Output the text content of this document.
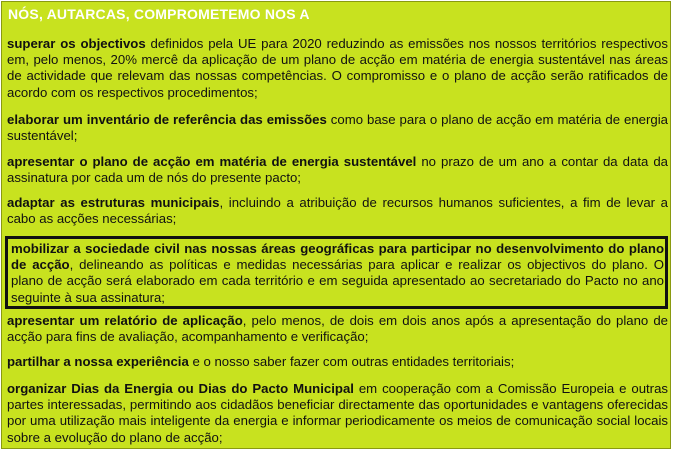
NÓS, AUTARCAS, COMPROMETEMO NOS A

superar os objectivos definidos pela UE para 2020 reduzindo as emissões nos nossos territórios respectivos em, pelo menos, 20% mercê da aplicação de um plano de acção em matéria de energia sustentável nas áreas de actividade que relevam das nossas competências. O compromisso e o plano de acção serão ratificados de acordo com os respectivos procedimentos;

elaborar um inventário de referência das emissões como base para o plano de acção em matéria de energia sustentável;

apresentar o plano de acção em matéria de energia sustentável no prazo de um ano a contar da data da assinatura por cada um de nós do presente pacto;

adaptar as estruturas municipais, incluindo a atribuição de recursos humanos suficientes, a fim de levar a cabo as acções necessárias;

mobilizar a sociedade civil nas nossas áreas geográficas para participar no desenvolvimento do plano de acção, delineando as políticas e medidas necessárias para aplicar e realizar os objectivos do plano. O plano de acção será elaborado em cada território e em seguida apresentado ao secretariado do Pacto no ano seguinte à sua assinatura;

apresentar um relatório de aplicação, pelo menos, de dois em dois anos após a apresentação do plano de acção para fins de avaliação, acompanhamento e verificação;

partilhar a nossa experiência e o nosso saber fazer com outras entidades territoriais;

organizar Dias da Energia ou Dias do Pacto Municipal em cooperação com a Comissão Europeia e outras partes interessadas, permitindo aos cidadãos beneficiar directamente das oportunidades e vantagens oferecidas por uma utilização mais inteligente da energia e informar periodicamente os meios de comunicação social locais sobre a evolução do plano de acção;
